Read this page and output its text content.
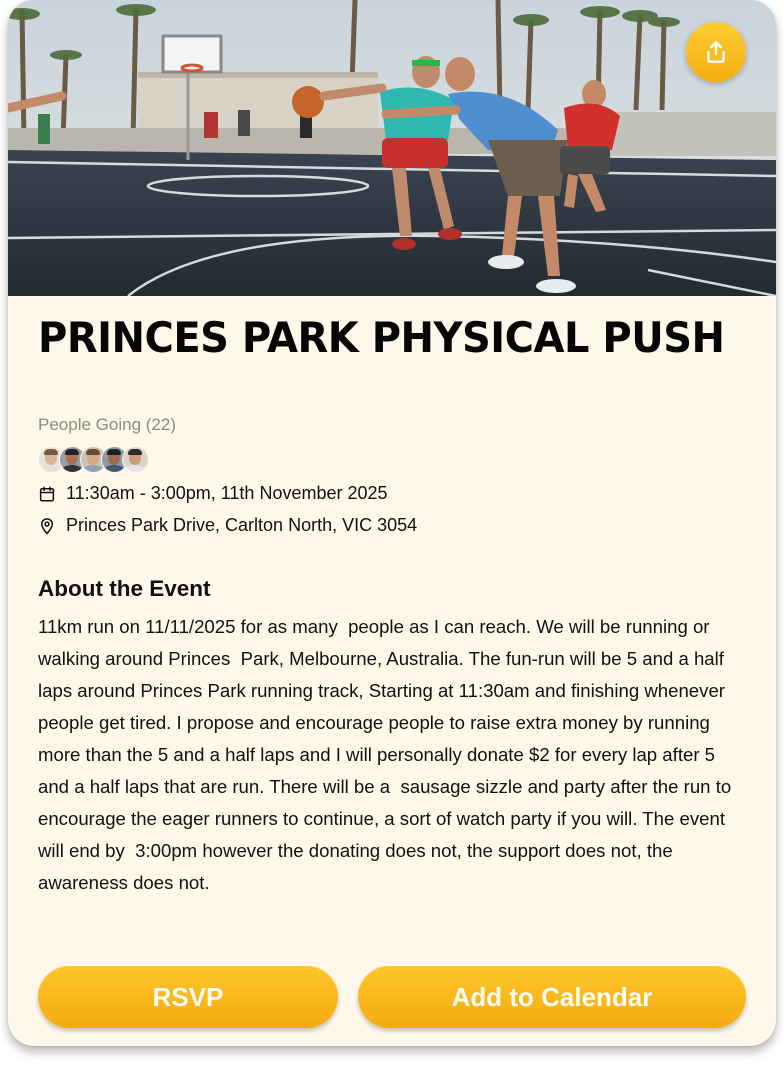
PRINCES PARK PHYSICAL PUSH
People Going (22)
11:30am - 3:00pm, 11th November 2025
Princes Park Drive, Carlton North, VIC 3054
About the Event

11km run on 11/11/2025 for as many  people as I can reach. We will be running or walking around Princes  Park, Melbourne, Australia. The fun-run will be 5 and a half laps around Princes Park running track, Starting at 11:30am and finishing whenever  people get tired. I propose and encourage people to raise extra money by running more than the 5 and a half laps and I will personally donate $2 for every lap after 5 and a half laps that are run. There will be a  sausage sizzle and party after the run to encourage the eager runners to continue, a sort of watch party if you will. The event will end by  3:00pm however the donating does not, the support does not, the  awareness does not.

RSVP	Add to Calendar
